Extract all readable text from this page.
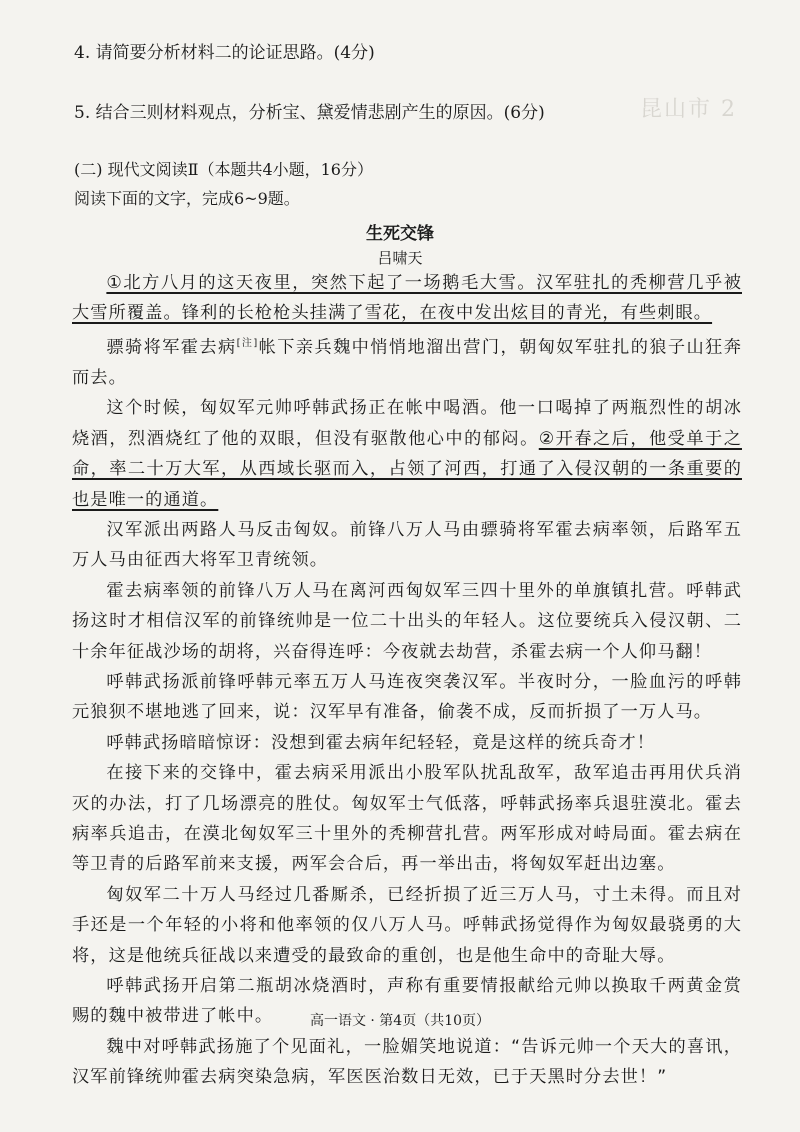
昆山市 2
4. 请简要分析材料二的论证思路。(4分)
5. 结合三则材料观点，分析宝、黛爱情悲剧产生的原因。(6分)
(二) 现代文阅读Ⅱ（本题共4小题，16分）
阅读下面的文字，完成6~9题。
生死交锋
吕啸天

①北方八月的这天夜里，突然下起了一场鹅毛大雪。汉军驻扎的秃柳营几乎被大雪所覆盖。锋利的长枪枪头挂满了雪花，在夜中发出炫目的青光，有些刺眼。

骠骑将军霍去病[注]帐下亲兵魏中悄悄地溜出营门，朝匈奴军驻扎的狼子山狂奔而去。

这个时候，匈奴军元帅呼韩武扬正在帐中喝酒。他一口喝掉了两瓶烈性的胡冰烧酒，烈酒烧红了他的双眼，但没有驱散他心中的郁闷。②开春之后，他受单于之命，率二十万大军，从西域长驱而入，占领了河西，打通了入侵汉朝的一条重要的也是唯一的通道。

汉军派出两路人马反击匈奴。前锋八万人马由骠骑将军霍去病率领，后路军五万人马由征西大将军卫青统领。

霍去病率领的前锋八万人马在离河西匈奴军三四十里外的单旗镇扎营。呼韩武扬这时才相信汉军的前锋统帅是一位二十出头的年轻人。这位要统兵入侵汉朝、二十余年征战沙场的胡将，兴奋得连呼：今夜就去劫营，杀霍去病一个人仰马翻！

呼韩武扬派前锋呼韩元率五万人马连夜突袭汉军。半夜时分，一脸血污的呼韩元狼狈不堪地逃了回来，说：汉军早有准备，偷袭不成，反而折损了一万人马。

呼韩武扬暗暗惊讶：没想到霍去病年纪轻轻，竟是这样的统兵奇才！

在接下来的交锋中，霍去病采用派出小股军队扰乱敌军，敌军追击再用伏兵消灭的办法，打了几场漂亮的胜仗。匈奴军士气低落，呼韩武扬率兵退驻漠北。霍去病率兵追击，在漠北匈奴军三十里外的秃柳营扎营。两军形成对峙局面。霍去病在等卫青的后路军前来支援，两军会合后，再一举出击，将匈奴军赶出边塞。

匈奴军二十万人马经过几番厮杀，已经折损了近三万人马，寸土未得。而且对手还是一个年轻的小将和他率领的仅八万人马。呼韩武扬觉得作为匈奴最骁勇的大将，这是他统兵征战以来遭受的最致命的重创，也是他生命中的奇耻大辱。

呼韩武扬开启第二瓶胡冰烧酒时，声称有重要情报献给元帅以换取千两黄金赏赐的魏中被带进了帐中。

魏中对呼韩武扬施了个见面礼，一脸媚笑地说道：“告诉元帅一个天大的喜讯，汉军前锋统帅霍去病突染急病，军医医治数日无效，已于天黑时分去世！”

高一语文 · 第4页（共10页）
